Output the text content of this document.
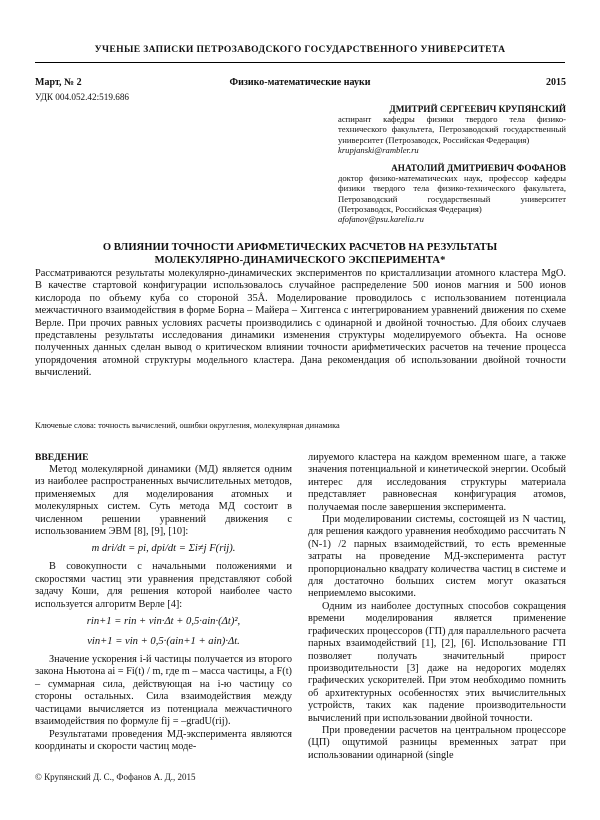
УЧЕНЫЕ ЗАПИСКИ ПЕТРОЗАВОДСКОГО ГОСУДАРСТВЕННОГО УНИВЕРСИТЕТА
Март, № 2	Физико-математические науки	2015
УДК 004.052.42:519.686
ДМИТРИЙ СЕРГЕЕВИЧ КРУПЯНСКИЙ
аспирант кафедры физики твердого тела физико-технического факультета, Петрозаводский государственный университет (Петрозаводск, Российская Федерация)
krupjanski@rambler.ru
АНАТОЛИЙ ДМИТРИЕВИЧ ФОФАНОВ
доктор физико-математических наук, профессор кафедры физики твердого тела физико-технического факультета, Петрозаводский государственный университет (Петрозаводск, Российская Федерация)
afofanov@psu.karelia.ru
О ВЛИЯНИИ ТОЧНОСТИ АРИФМЕТИЧЕСКИХ РАСЧЕТОВ НА РЕЗУЛЬТАТЫ МОЛЕКУЛЯРНО-ДИНАМИЧЕСКОГО ЭКСПЕРИМЕНТА*
Рассматриваются результаты молекулярно-динамических экспериментов по кристаллизации атомного кластера MgO. В качестве стартовой конфигурации использовалось случайное распределение 500 ионов магния и 500 ионов кислорода по объему куба со стороной 35Å. Моделирование проводилось с использованием потенциала межчастичного взаимодействия в форме Борна – Майера – Хиггенса с интегрированием уравнений движения по схеме Верле. При прочих равных условиях расчеты производились с одинарной и двойной точностью. Для обоих случаев представлены результаты исследования динамики изменения структуры моделируемого объекта. На основе полученных данных сделан вывод о критическом влиянии точности арифметических расчетов на течение процесса упорядочения атомной структуры модельного кластера. Дана рекомендация об использовании двойной точности вычислений.
Ключевые слова: точность вычислений, ошибки округления, молекулярная динамика
ВВЕДЕНИЕ

Метод молекулярной динамики (МД) является одним из наиболее распространенных вычислительных методов, применяемых для моделирования атомных и молекулярных систем. Суть метода МД состоит в численном решении уравнений движения с использованием ЭВМ [8], [9], [10]:

m dri/dt = pi, dpi/dt = Σi≠j F(rij).

В совокупности с начальными положениями и скоростями частиц эти уравнения представляют собой задачу Коши, для решения которой наиболее часто используется алгоритм Верле [4]:

rin+1 = rin + vin·Δt + 0,5·ain·(Δt)²,
vin+1 = vin + 0,5·(ain+1 + ain)·Δt.

Значение ускорения i-й частицы получается из второго закона Ньютона ai = Fi(t) / m, где m – масса частицы, а F(t) – суммарная сила, действующая на i-ю частицу со стороны остальных. Сила взаимодействия между частицами вычисляется из потенциала межчастичного взаимодействия по формуле fij = –gradU(rij).

Результатами проведения МД-эксперимента являются координаты и скорости частиц моде-

лируемого кластера на каждом временном шаге, а также значения потенциальной и кинетической энергии. Особый интерес для исследования структуры материала представляет равновесная конфигурация атомов, получаемая после завершения эксперимента.

При моделировании системы, состоящей из N частиц, для решения каждого уравнения необходимо рассчитать N (N-1) /2 парных взаимодействий, то есть временные затраты на проведение МД-эксперимента растут пропорционально квадрату количества частиц в системе и для достаточно больших систем могут оказаться неприемлемо высокими.

Одним из наиболее доступных способов сокращения времени моделирования является применение графических процессоров (ГП) для параллельного расчета парных взаимодействий [1], [2], [6]. Использование ГП позволяет получать значительный прирост производительности [3] даже на недорогих моделях графических ускорителей. При этом необходимо помнить об архитектурных особенностях этих вычислительных устройств, таких как падение производительности вычислений при использовании двойной точности.

При проведении расчетов на центральном процессоре (ЦП) ощутимой разницы временных затрат при использовании одинарной (single

© Крупянский Д. С., Фофанов А. Д., 2015
